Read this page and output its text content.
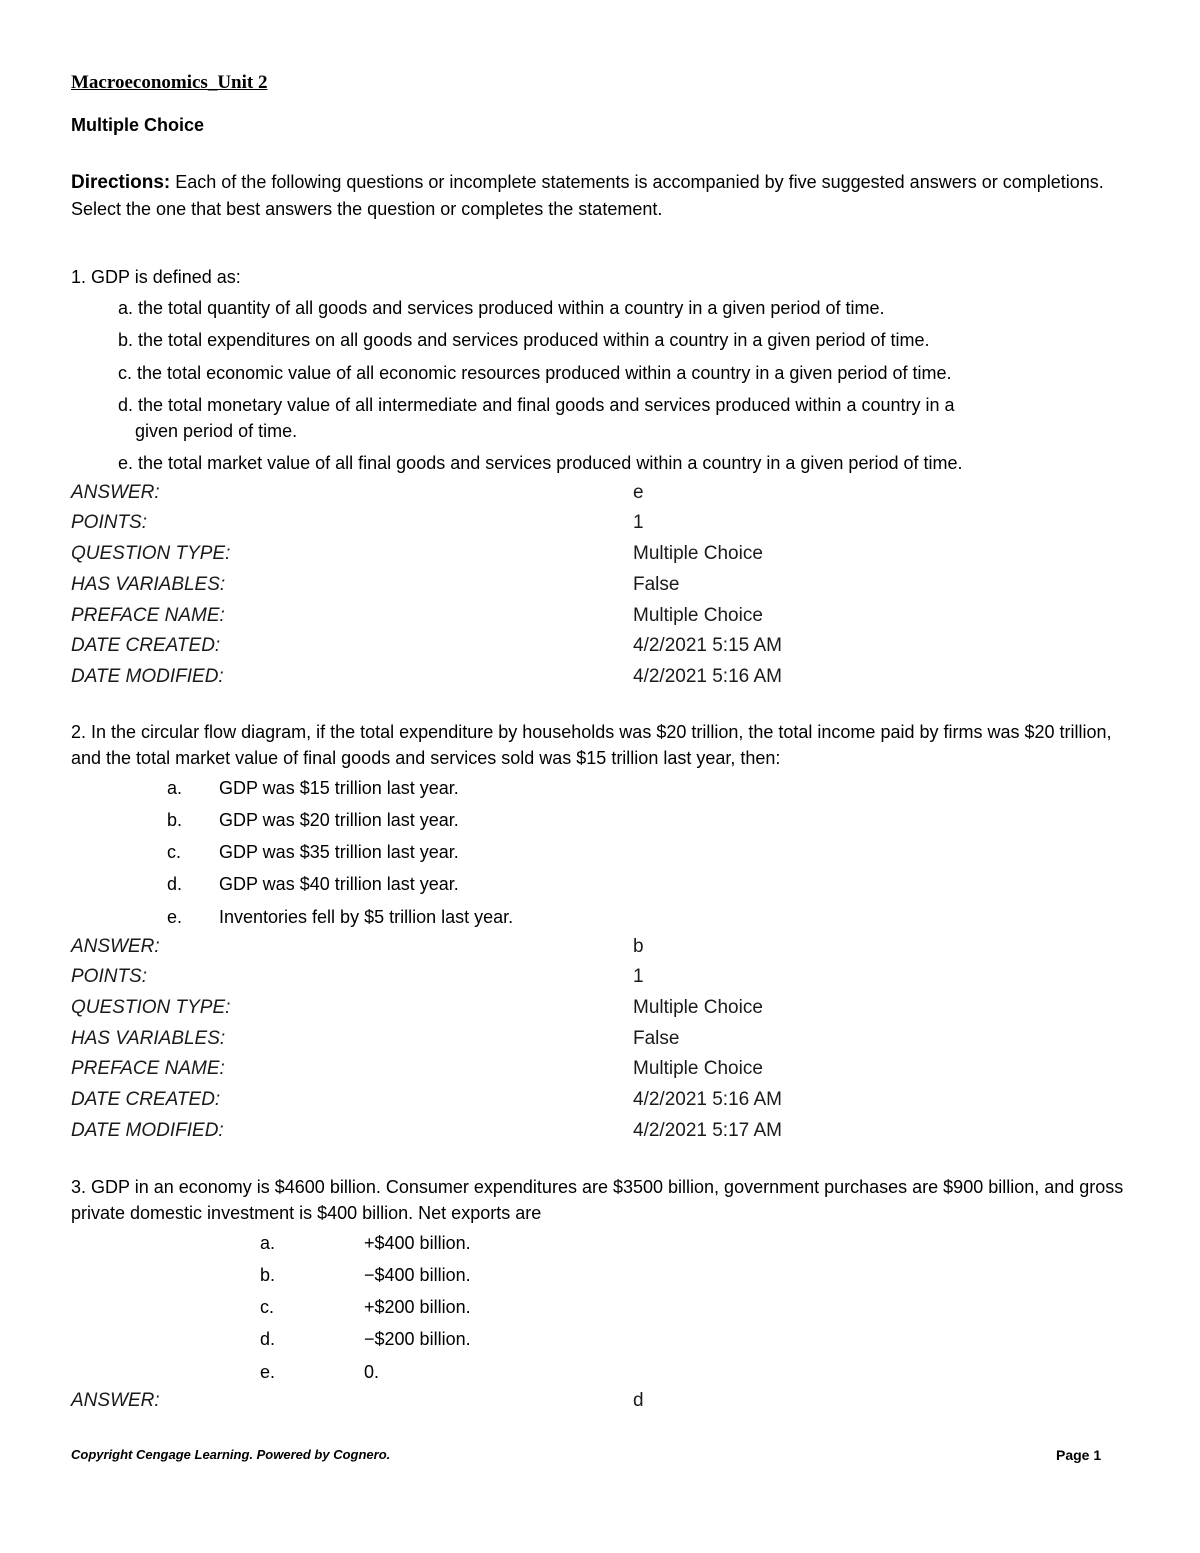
Macroeconomics_Unit 2
Multiple Choice
Directions: Each of the following questions or incomplete statements is accompanied by five suggested answers or completions. Select the one that best answers the question or completes the statement.
1. GDP is defined as:
a. the total quantity of all goods and services produced within a country in a given period of time.
b. the total expenditures on all goods and services produced within a country in a given period of time.
c. the total economic value of all economic resources produced within a country in a given period of time.
d. the total monetary value of all intermediate and final goods and services produced within a country in a
given period of time.
e. the total market value of all final goods and services produced within a country in a given period of time.
ANSWER:	e
POINTS:	1
QUESTION TYPE:	Multiple Choice
HAS VARIABLES:	False
PREFACE NAME:	Multiple Choice
DATE CREATED:	4/2/2021 5:15 AM
DATE MODIFIED:	4/2/2021 5:16 AM
2. In the circular flow diagram, if the total expenditure by households was $20 trillion, the total income paid by firms was $20 trillion, and the total market value of final goods and services sold was $15 trillion last year, then:
a. GDP was $15 trillion last year.
b. GDP was $20 trillion last year.
c. GDP was $35 trillion last year.
d. GDP was $40 trillion last year.
e. Inventories fell by $5 trillion last year.
ANSWER:	b
POINTS:	1
QUESTION TYPE:	Multiple Choice
HAS VARIABLES:	False
PREFACE NAME:	Multiple Choice
DATE CREATED:	4/2/2021 5:16 AM
DATE MODIFIED:	4/2/2021 5:17 AM
3. GDP in an economy is $4600 billion. Consumer expenditures are $3500 billion, government purchases are $900 billion, and gross private domestic investment is $400 billion. Net exports are
a.	+$400 billion.
b.	−$400 billion.
c.	+$200 billion.
d.	−$200 billion.
e.	0.
ANSWER:	d
Copyright Cengage Learning. Powered by Cognero.	Page 1
